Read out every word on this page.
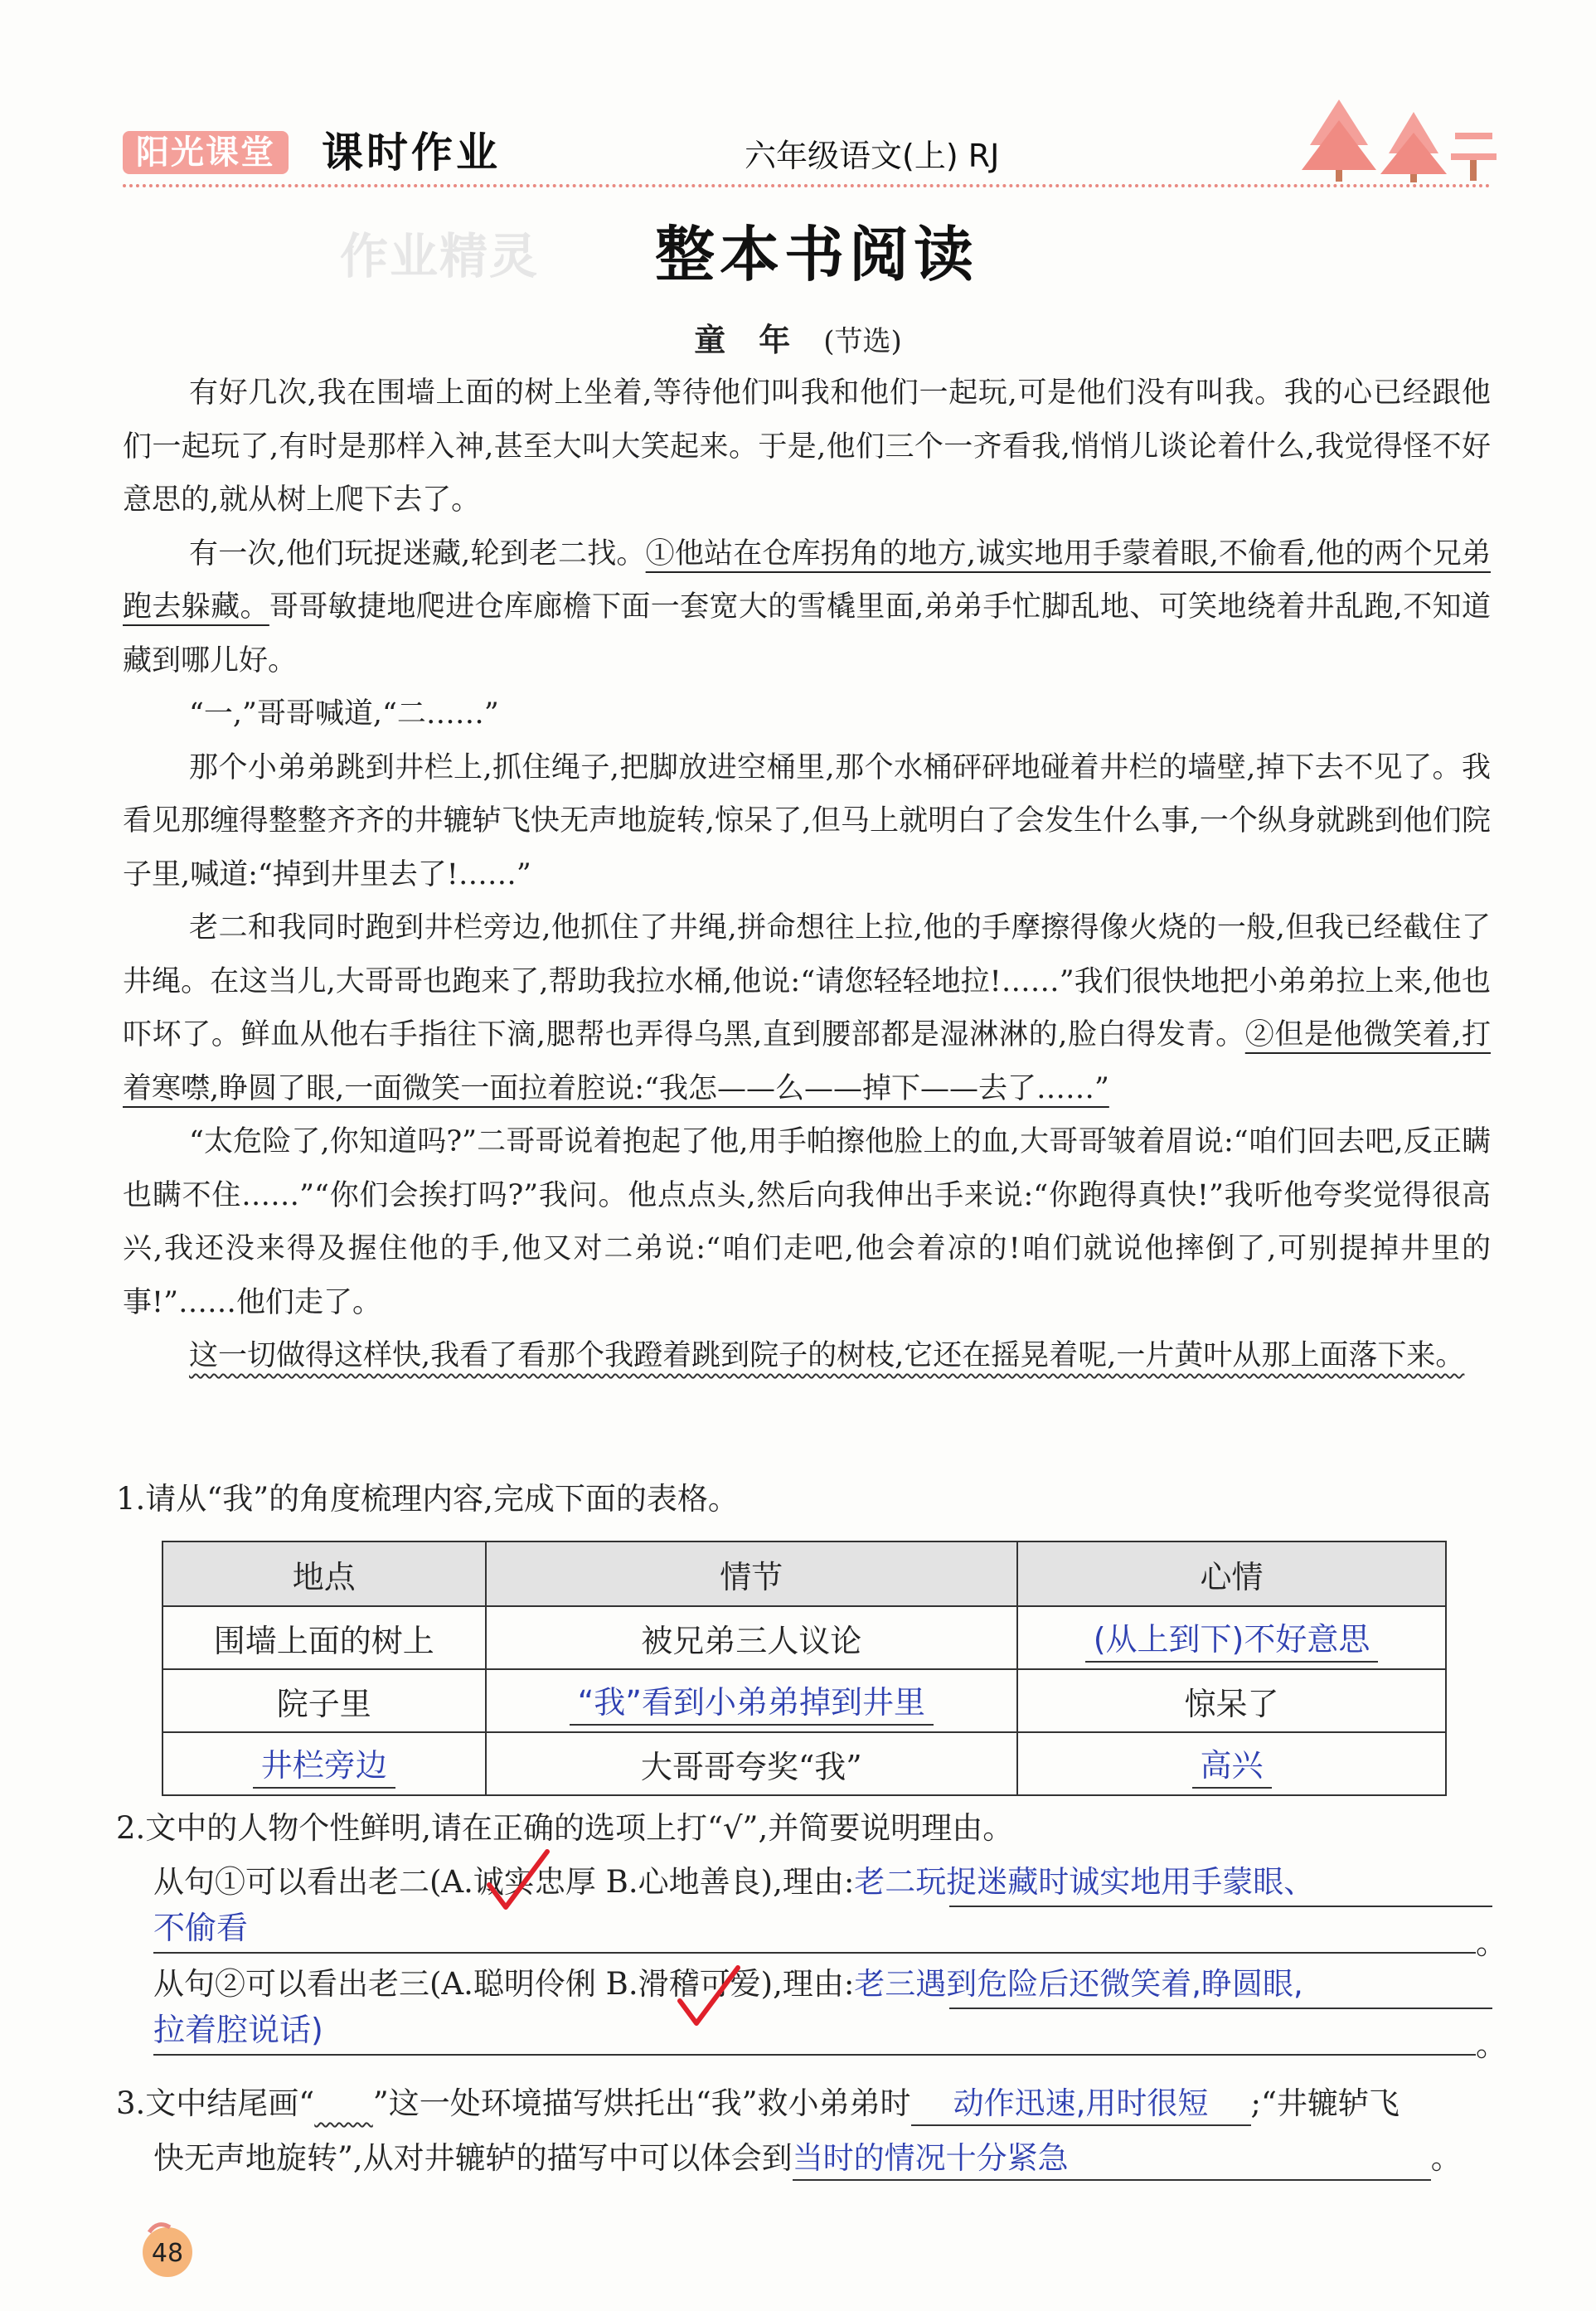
阳光课堂	课时作业	六年级语文(上) RJ
作业精灵 整本书阅读
童年(节选)

有好几次,我在围墙上面的树上坐着,等待他们叫我和他们一起玩,可是他们没有叫我。我的心已经跟他们一起玩了,有时是那样入神,甚至大叫大笑起来。于是,他们三个一齐看我,悄悄儿谈论着什么,我觉得怪不好意思的,就从树上爬下去了。

有一次,他们玩捉迷藏,轮到老二找。①他站在仓库拐角的地方,诚实地用手蒙着眼,不偷看,他的两个兄弟跑去躲藏。哥哥敏捷地爬进仓库廊檐下面一套宽大的雪橇里面,弟弟手忙脚乱地、可笑地绕着井乱跑,不知道藏到哪儿好。

“一,”哥哥喊道,“二……”

那个小弟弟跳到井栏上,抓住绳子,把脚放进空桶里,那个水桶砰砰地碰着井栏的墙壁,掉下去不见了。我看见那缠得整整齐齐的井辘轳飞快无声地旋转,惊呆了,但马上就明白了会发生什么事,一个纵身就跳到他们院子里,喊道:“掉到井里去了!……”

老二和我同时跑到井栏旁边,他抓住了井绳,拼命想往上拉,他的手摩擦得像火烧的一般,但我已经截住了井绳。在这当儿,大哥哥也跑来了,帮助我拉水桶,他说:“请您轻轻地拉!……”我们很快地把小弟弟拉上来,他也吓坏了。鲜血从他右手指往下滴,腮帮也弄得乌黑,直到腰部都是湿淋淋的,脸白得发青。②但是他微笑着,打着寒噤,睁圆了眼,一面微笑一面拉着腔说:“我怎——么——掉下——去了……”

“太危险了,你知道吗?”二哥哥说着抱起了他,用手帕擦他脸上的血,大哥哥皱着眉说:“咱们回去吧,反正瞒也瞒不住……”“你们会挨打吗?”我问。他点点头,然后向我伸出手来说:“你跑得真快!”我听他夸奖觉得很高兴,我还没来得及握住他的手,他又对二弟说:“咱们走吧,他会着凉的!咱们就说他摔倒了,可别提掉井里的事!”……他们走了。

这一切做得这样快,我看了看那个我蹬着跳到院子的树枝,它还在摇晃着呢,一片黄叶从那上面落下来。

1.请从“我”的角度梳理内容,完成下面的表格。
地点	情节	心情
围墙上面的树上	被兄弟三人议论	(从上到下)不好意思
院子里	“我”看到小弟弟掉到井里	惊呆了
井栏旁边	大哥哥夸奖“我”	高兴
2.文中的人物个性鲜明,请在正确的选项上打“√”,并简要说明理由。
从句①可以看出老二(A.诚实忠厚 B.心地善良),理由:老二玩捉迷藏时诚实地用手蒙眼、
不偷看	。
从句②可以看出老三(A.聪明伶俐 B.滑稽可爱),理由:老三遇到危险后还微笑着,睁圆眼,
拉着腔说话)	。
3.文中结尾画“ ”这一处环境描写烘托出“我”救小弟弟时 动作迅速,用时很短 ;“井辘轳飞
快无声地旋转”,从对井辘轳的描写中可以体会到当时的情况十分紧急	。
48
